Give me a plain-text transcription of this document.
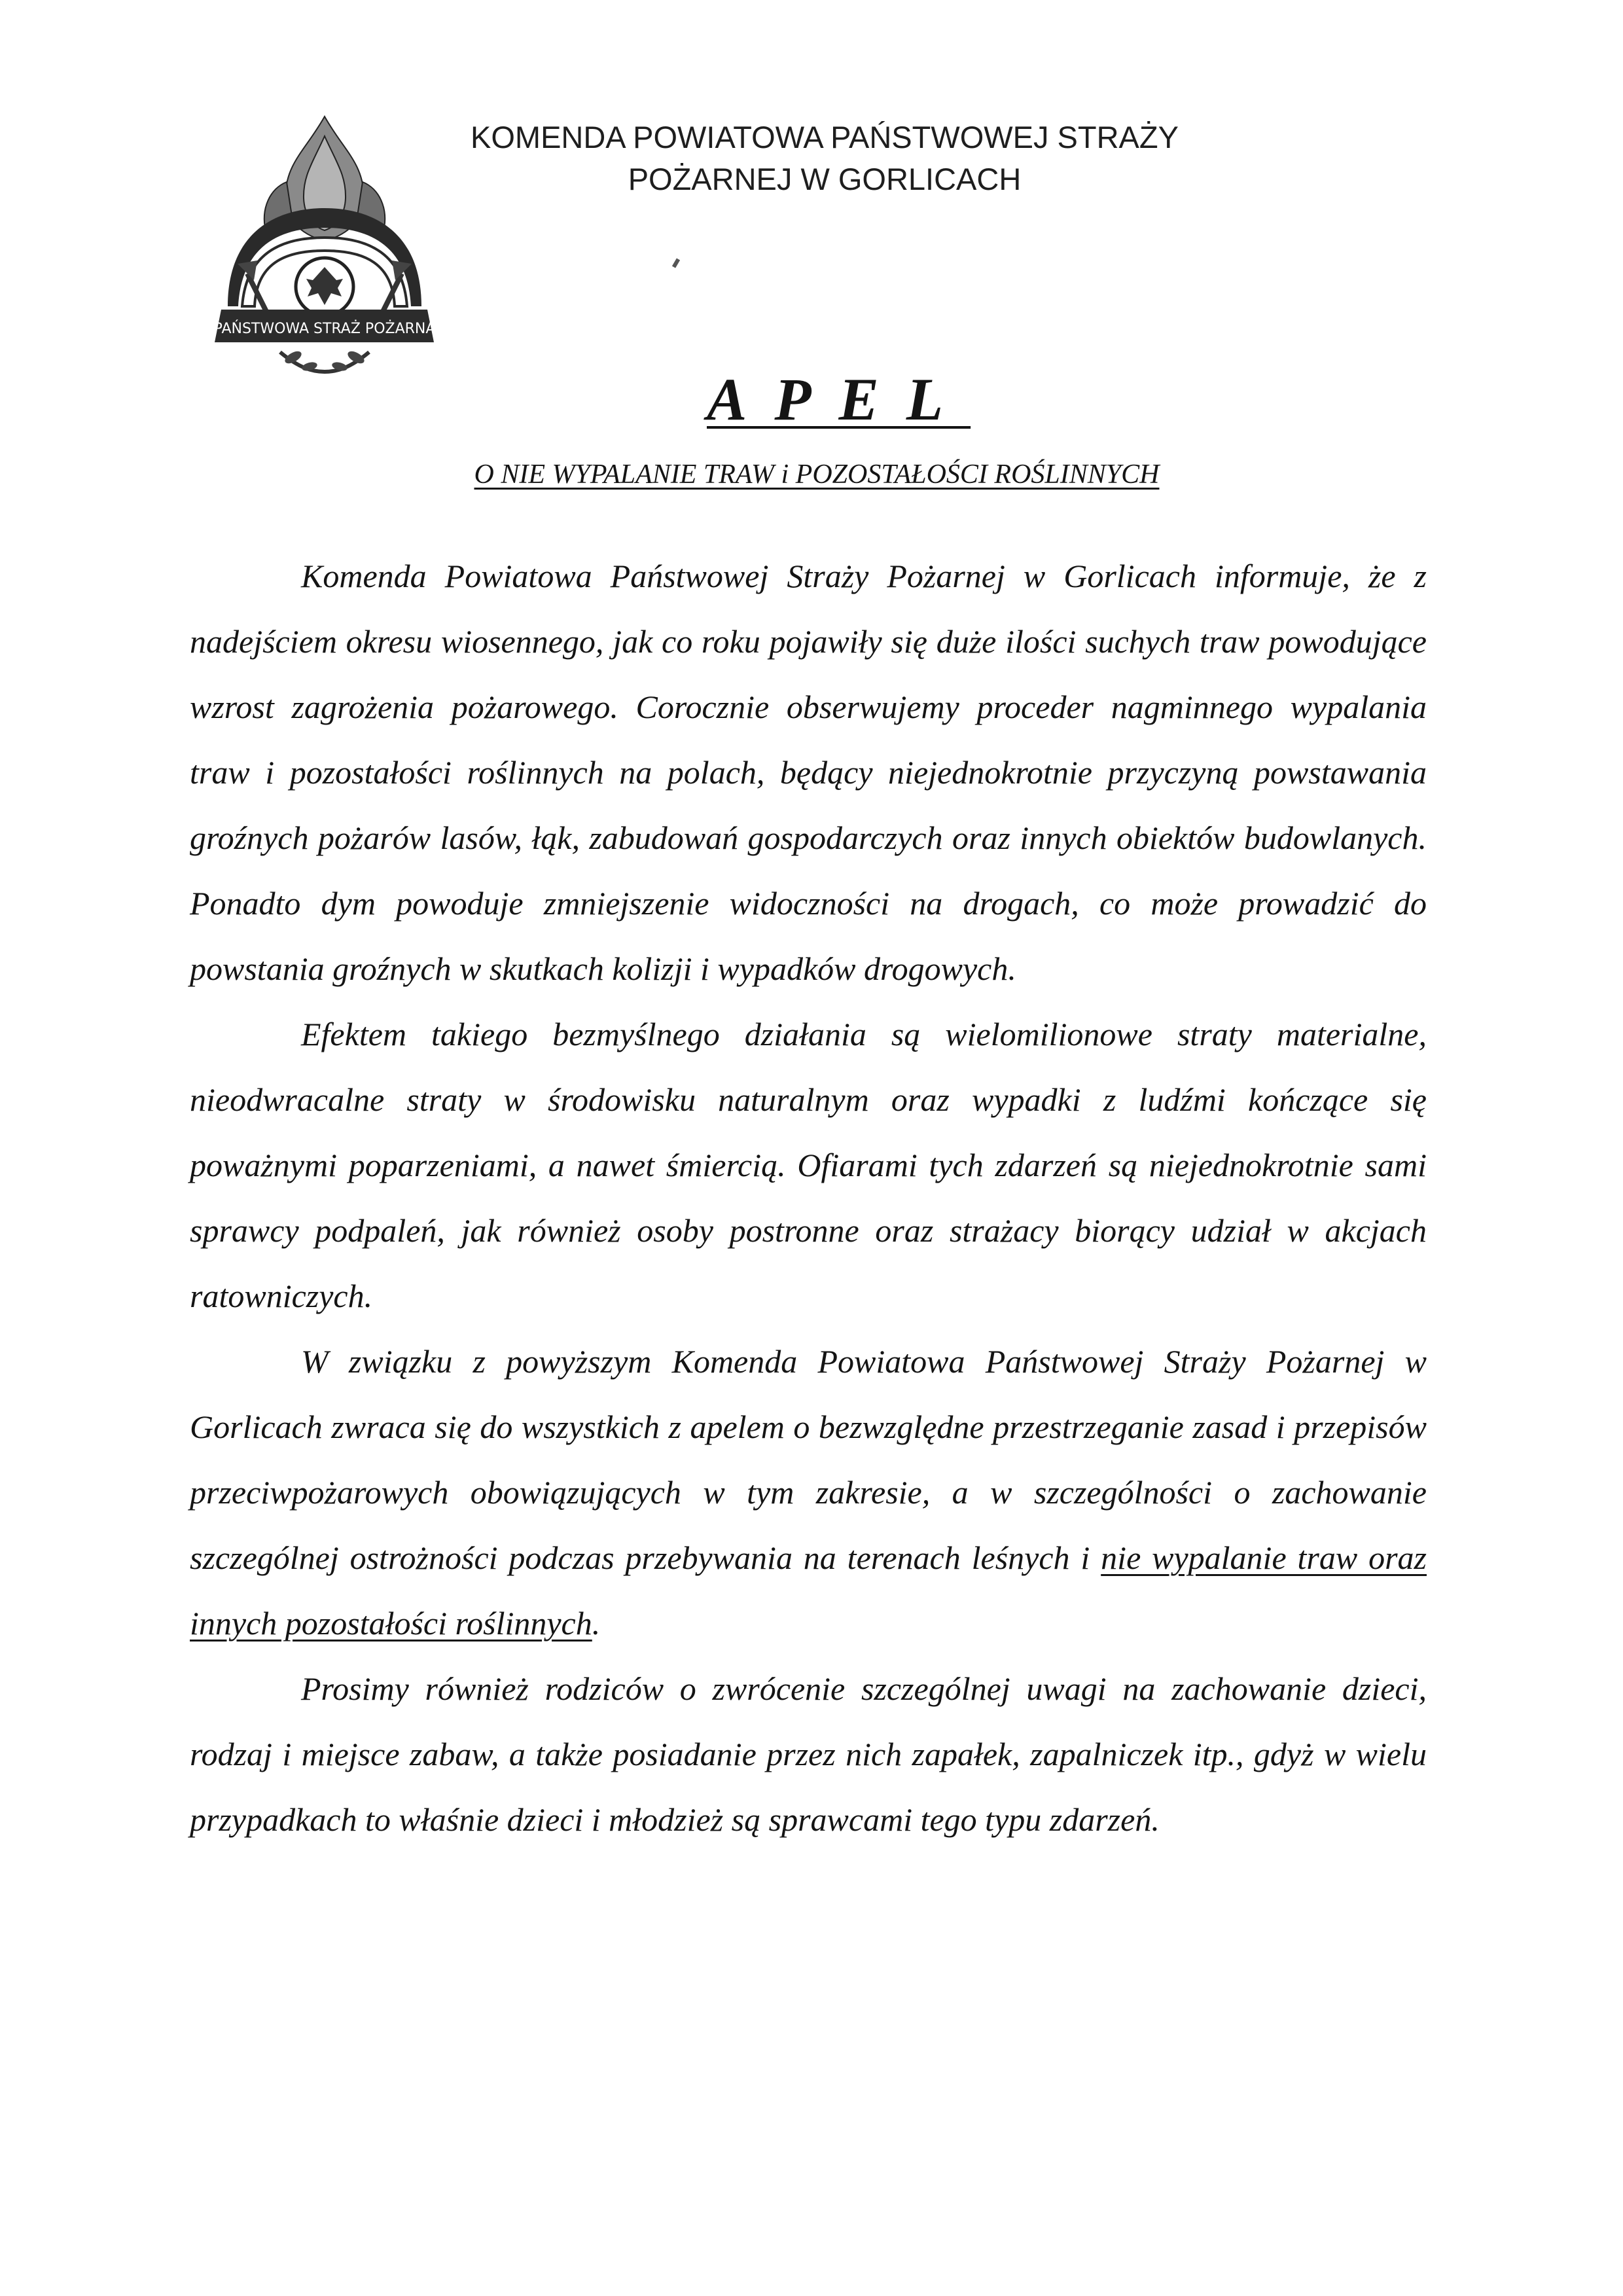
PAŃSTWOWA STRAŻ POŻARNA
KOMENDA POWIATOWA PAŃSTWOWEJ STRAŻY
POŻARNEJ W GORLICACH
APEL
O NIE WYPALANIE TRAW i POZOSTAŁOŚCI ROŚLINNYCH

Komenda Powiatowa Państwowej Straży Pożarnej w Gorlicach informuje, że z nadejściem okresu wiosennego, jak co roku pojawiły się duże ilości suchych traw powodujące wzrost zagrożenia pożarowego. Corocznie obserwujemy proceder nagminnego wypalania traw i pozostałości roślinnych na polach, będący niejednokrotnie przyczyną powstawania groźnych pożarów lasów, łąk, zabudowań gospodarczych oraz innych obiektów budowlanych. Ponadto dym powoduje zmniejszenie widoczności na drogach, co może prowadzić do powstania groźnych w skutkach kolizji i wypadków drogowych.

Efektem takiego bezmyślnego działania są wielomilionowe straty materialne, nieodwracalne straty w środowisku naturalnym oraz wypadki z ludźmi kończące się poważnymi poparzeniami, a nawet śmiercią. Ofiarami tych zdarzeń są niejednokrotnie sami sprawcy podpaleń, jak również osoby postronne oraz strażacy biorący udział w akcjach ratowniczych.

W związku z powyższym Komenda Powiatowa Państwowej Straży Pożarnej w Gorlicach zwraca się do wszystkich z apelem o bezwzględne przestrzeganie zasad i przepisów przeciwpożarowych obowiązujących w tym zakresie, a w szczególności o zachowanie szczególnej ostrożności podczas przebywania na terenach leśnych i nie wypalanie traw oraz innych pozostałości roślinnych.

Prosimy również rodziców o zwrócenie szczególnej uwagi na zachowanie dzieci, rodzaj i miejsce zabaw, a także posiadanie przez nich zapałek, zapalniczek itp., gdyż w wielu przypadkach to właśnie dzieci i młodzież są sprawcami tego typu zdarzeń.
